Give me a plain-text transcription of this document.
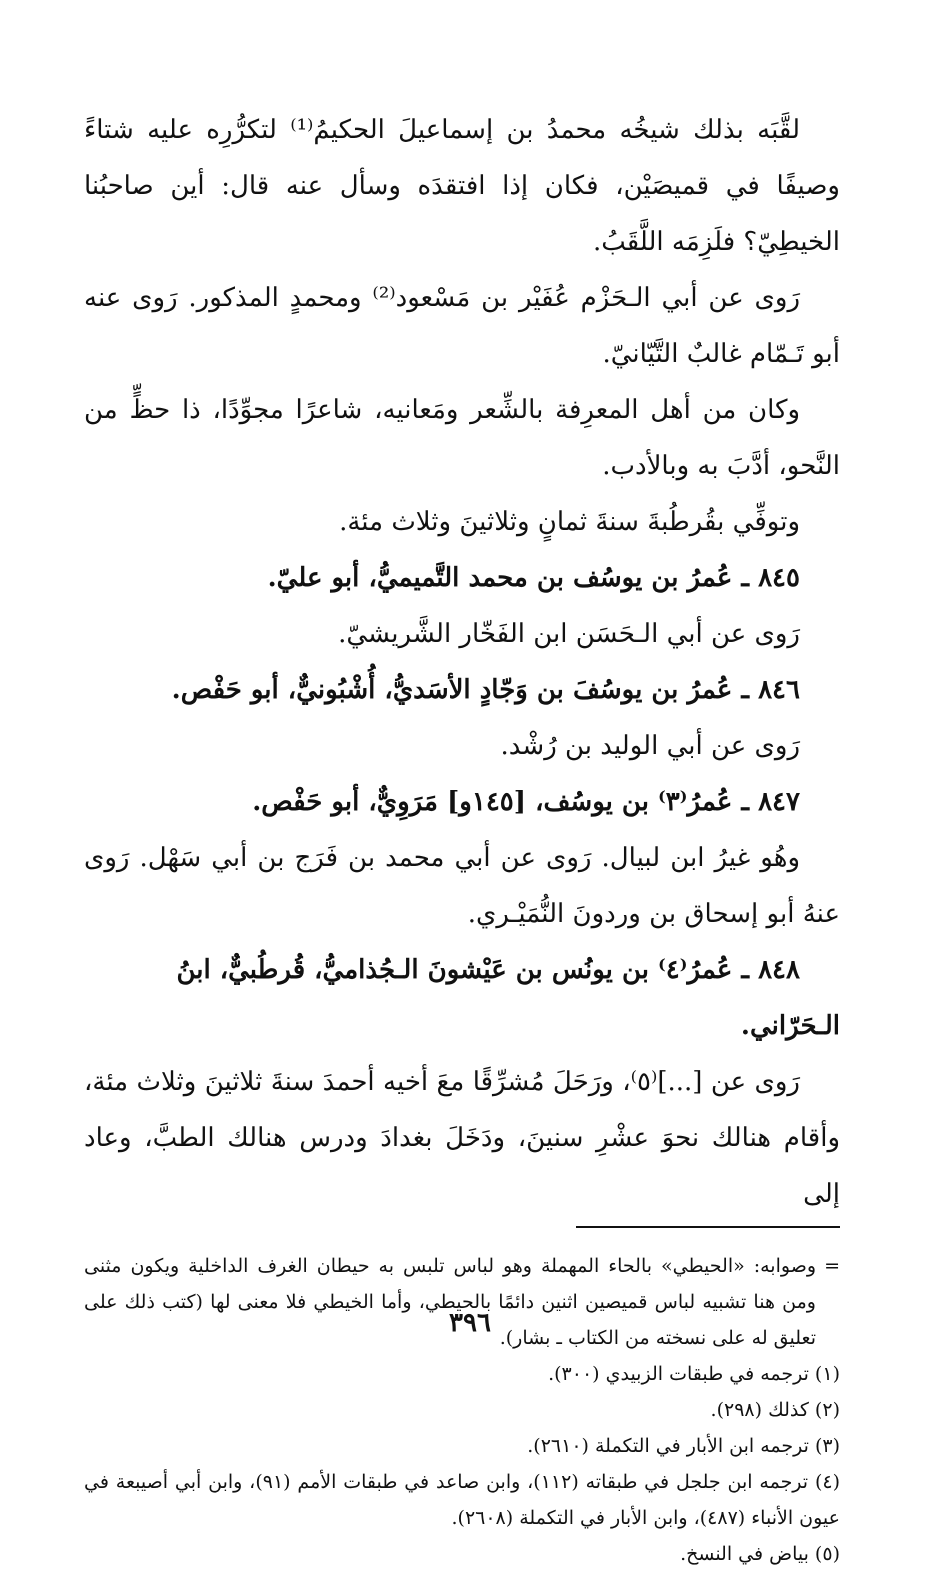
لقَّبَه بذلك شيخُه محمدُ بن إسماعيلَ الحكيمُ⁽¹⁾ لتكرُّرِه عليه شتاءً وصيفًا في قميصَيْن، فكان إذا افتقدَه وسأل عنه قال: أين صاحبُنا الخيطِيّ؟ فلَزِمَه اللَّقَبُ.

رَوى عن أبي الـحَزْم عُفَيْر بن مَسْعود⁽²⁾ ومحمدٍ المذكور. رَوى عنه أبو تَـمّام غالبٌ التَّيّانيّ.

وكان من أهل المعرِفة بالشِّعر ومَعانيه، شاعرًا مجوِّدًا، ذا حظٍّ من النَّحو، أدَّبَ به وبالأدب.

وتوفِّي بقُرطُبةَ سنةَ ثمانٍ وثلاثينَ وثلاث مئة.

٨٤٥ ـ عُمرُ بن يوسُف بن محمد التَّميميُّ، أبو عليّ.

رَوى عن أبي الـحَسَن ابن الفَخّار الشَّريشيّ.

٨٤٦ ـ عُمرُ بن يوسُفَ بن وَجّادٍ الأسَديُّ، أُشْبُونيٌّ، أبو حَفْص.

رَوى عن أبي الوليد بن رُشْد.

٨٤٧ ـ عُمرُ⁽٣⁾ بن يوسُف، [١٤٥و] مَرَوِيٌّ، أبو حَفْص.

وهُو غيرُ ابن لبيال. رَوى عن أبي محمد بن فَرَج بن أبي سَهْل. رَوى عنهُ أبو إسحاق بن وردونَ النُّمَيْـري.

٨٤٨ ـ عُمرُ⁽٤⁾ بن يونُس بن عَيْشونَ الـجُذاميُّ، قُرطُبيٌّ، ابنُ الـحَرّاني.

رَوى عن [...]⁽٥⁾، ورَحَلَ مُشرِّقًا معَ أخيه أحمدَ سنةَ ثلاثينَ وثلاث مئة، وأقام هنالك نحوَ عشْرِ سنينَ، ودَخَلَ بغدادَ ودرس هنالك الطبَّ، وعاد إلى

=
وصوابه: «الحيطي» بالحاء المهملة وهو لباس تلبس به حيطان الغرف الداخلية ويكون مثنى ومن هنا تشبيه لباس قميصين اثنين دائمًا بالحيطي، وأما الخيطي فلا معنى لها (كتب ذلك على تعليق له على نسخته من الكتاب ـ بشار).

(١) ترجمه في طبقات الزبيدي (٣٠٠).

(٢) كذلك (٢٩٨).

(٣) ترجمه ابن الأبار في التكملة (٢٦١٠).

(٤) ترجمه ابن جلجل في طبقاته (١١٢)، وابن صاعد في طبقات الأمم (٩١)، وابن أبي أصيبعة في عيون الأنباء (٤٨٧)، وابن الأبار في التكملة (٢٦٠٨).

(٥) بياض في النسخ.

٣٩٦
